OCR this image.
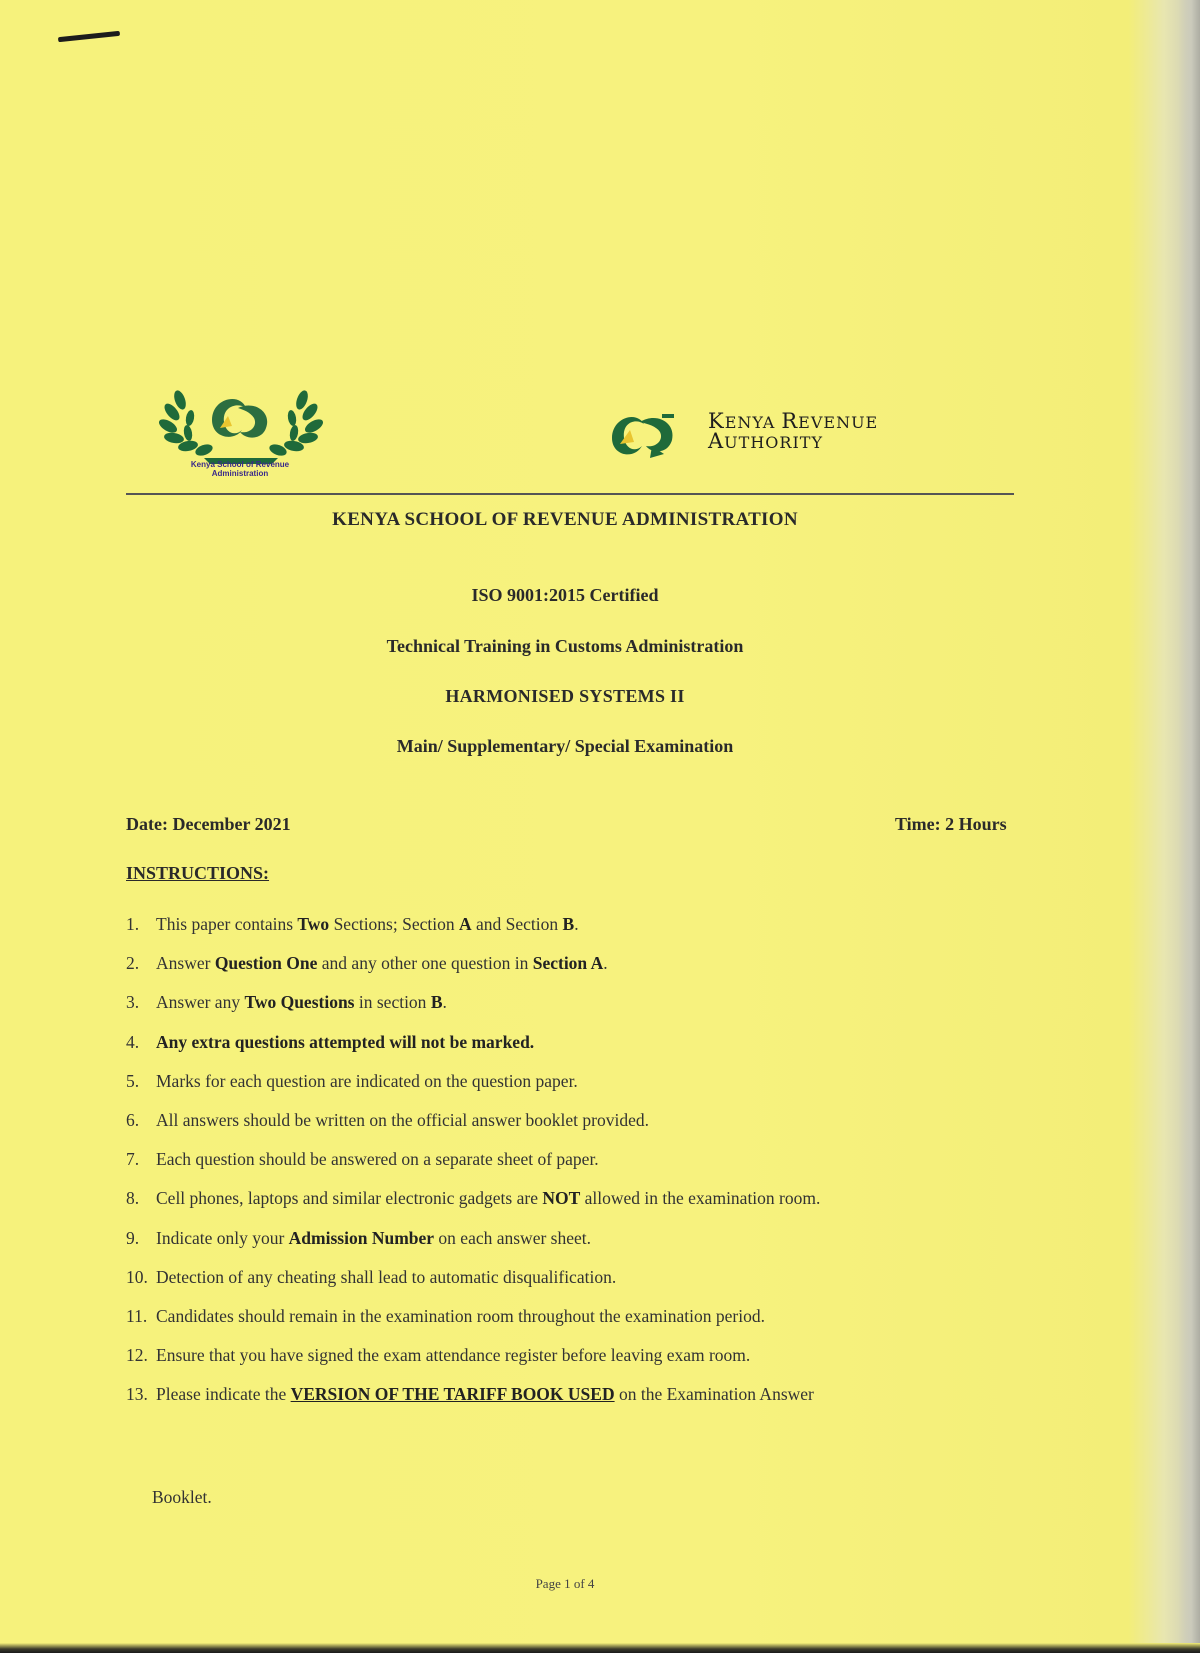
Kenya School of Revenue
Administration
KENYA REVENUE
AUTHORITY
KENYA SCHOOL OF REVENUE ADMINISTRATION
ISO 9001:2015 Certified
Technical Training in Customs Administration
HARMONISED SYSTEMS II
Main/ Supplementary/ Special Examination
Date: December 2021	Time: 2 Hours
INSTRUCTIONS:
1. This paper contains Two Sections; Section A and Section B.
2. Answer Question One and any other one question in Section A.
3. Answer any Two Questions in section B.
4. Any extra questions attempted will not be marked.
5. Marks for each question are indicated on the question paper.
6. All answers should be written on the official answer booklet provided.
7. Each question should be answered on a separate sheet of paper.
8. Cell phones, laptops and similar electronic gadgets are NOT allowed in the examination room.
9. Indicate only your Admission Number on each answer sheet.
10. Detection of any cheating shall lead to automatic disqualification.
11. Candidates should remain in the examination room throughout the examination period.
12. Ensure that you have signed the exam attendance register before leaving exam room.
13. Please indicate the VERSION OF THE TARIFF BOOK USED on the Examination Answer
Booklet.
Page 1 of 4
